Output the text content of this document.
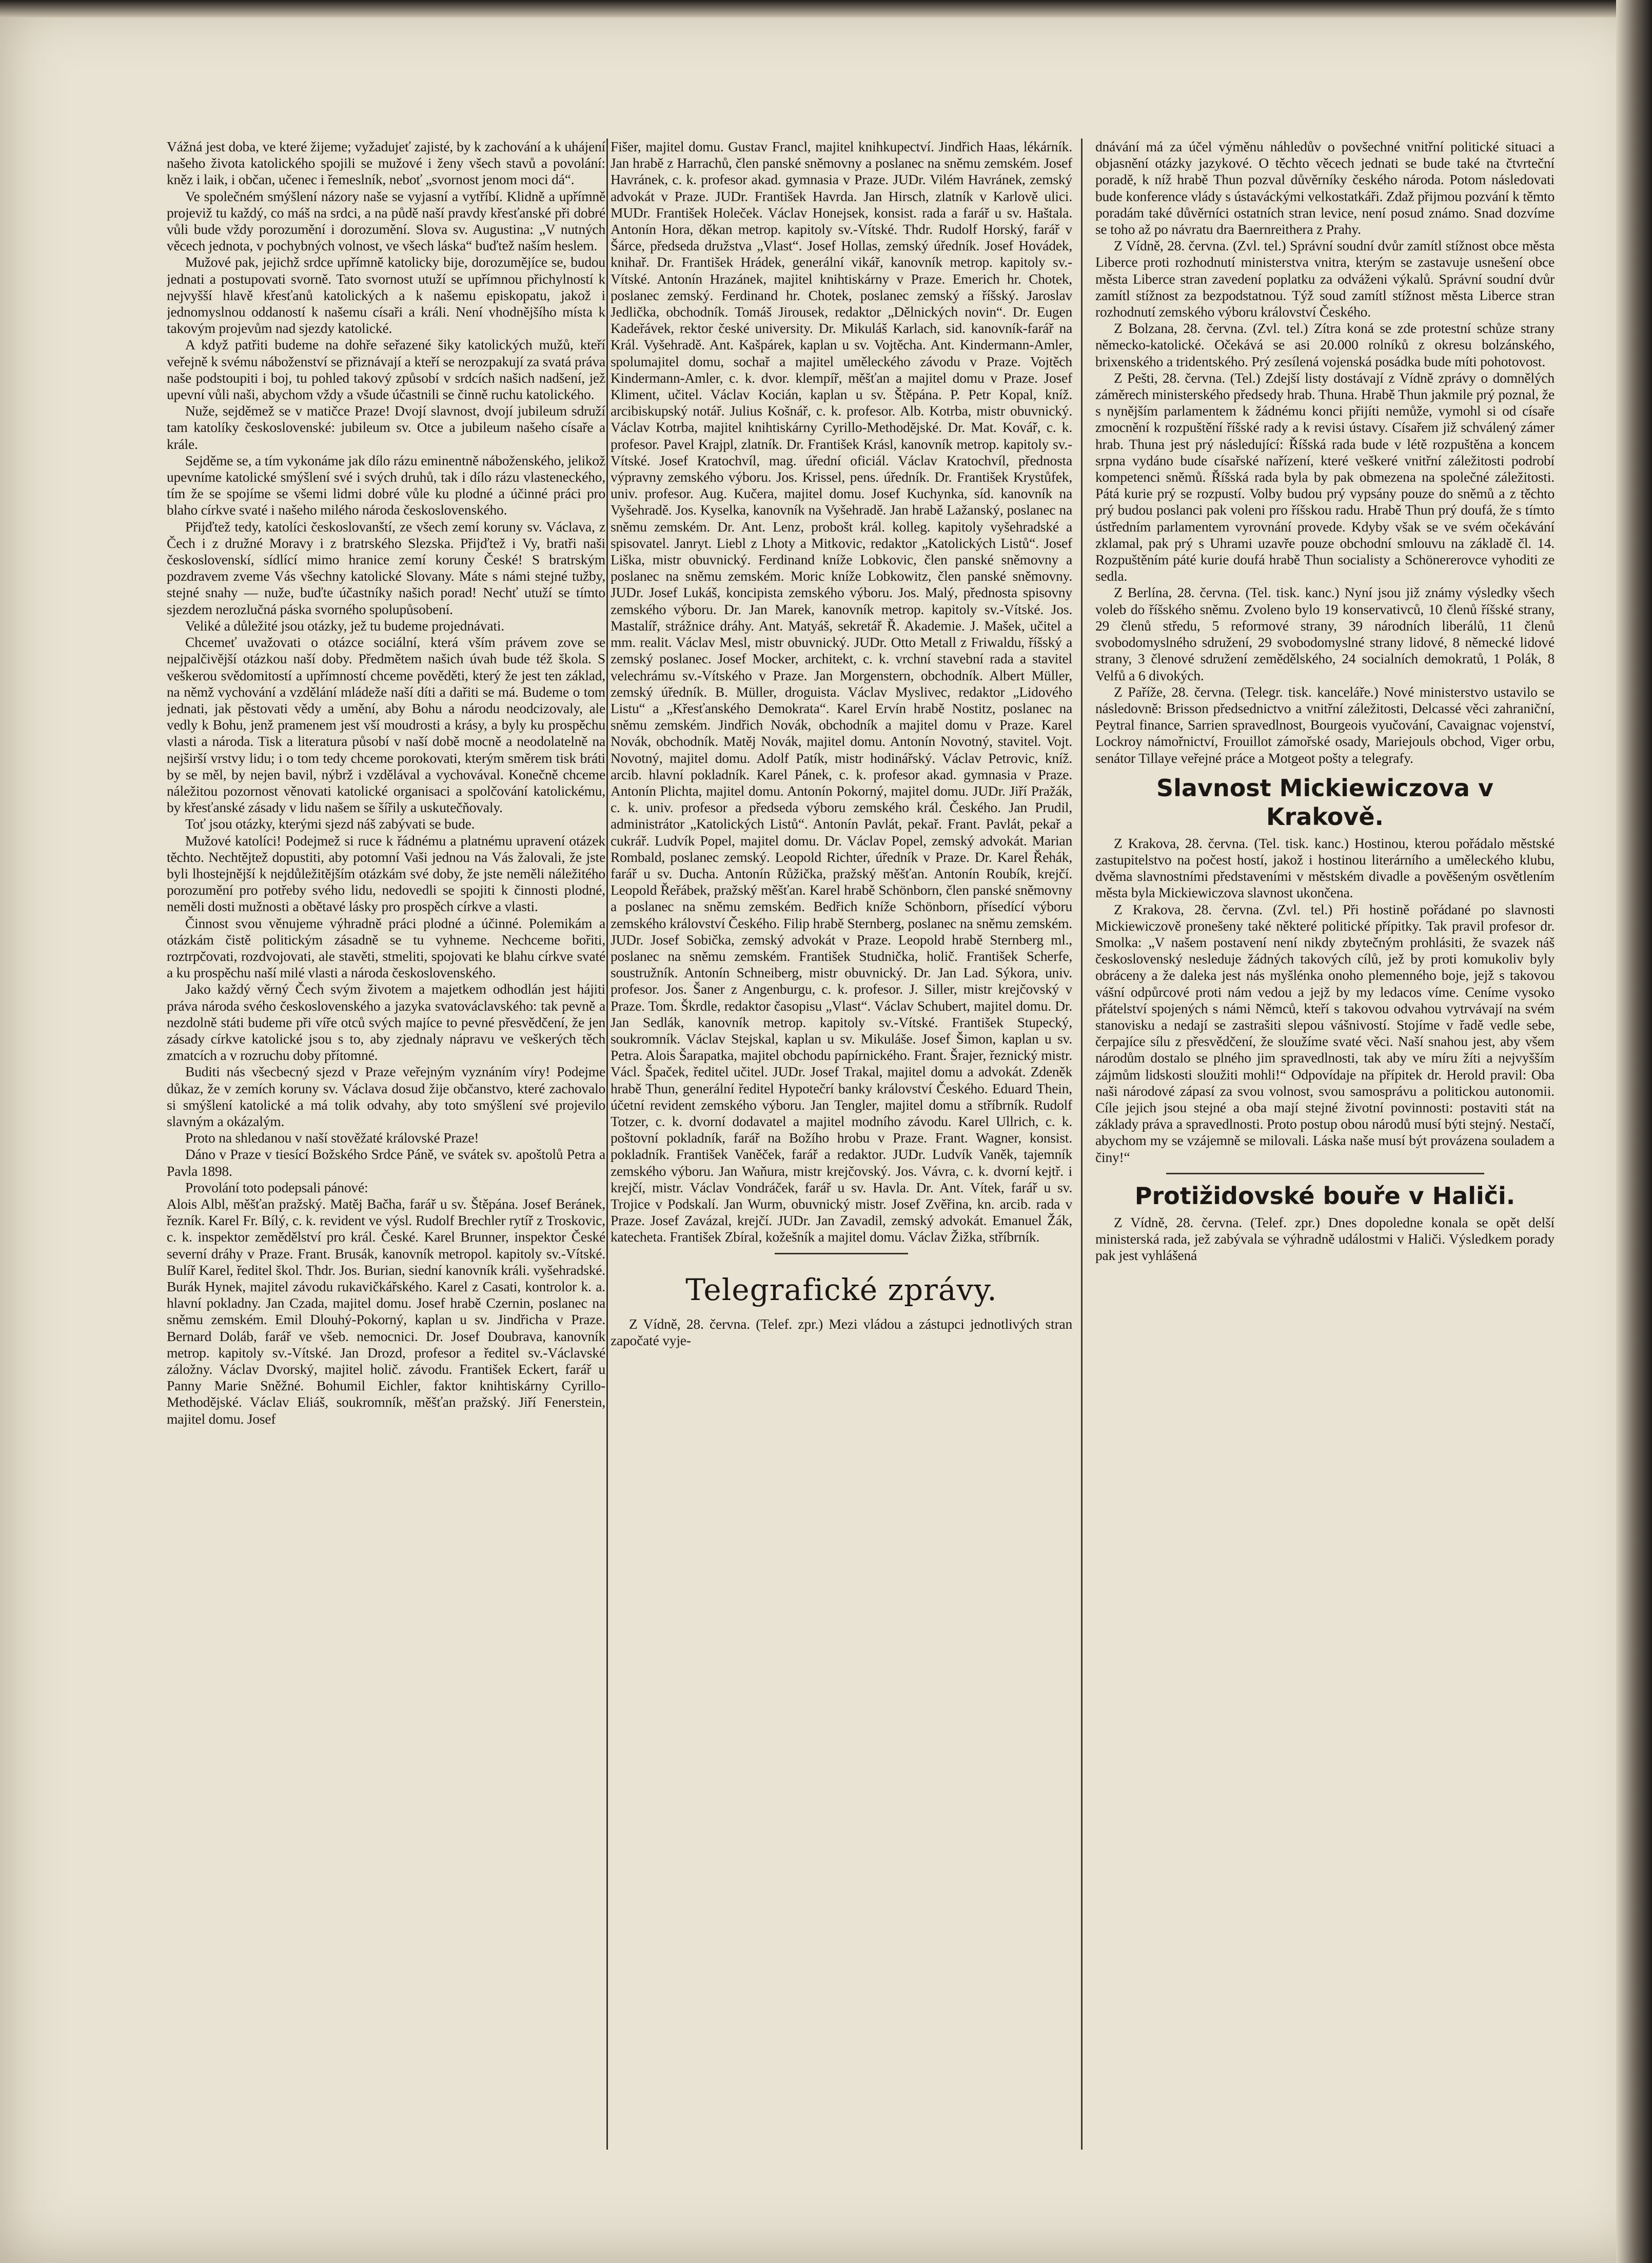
Vážná jest doba, ve které žijeme; vyžadujeť zajisté, by k zachování a k uhájení našeho života katolického spojili se mužové i ženy všech stavů a povolání: kněz i laik, i občan, učenec i řemeslník, neboť „svornost jenom moci dá“.

Ve společném smýšlení názory naše se vyjasní a vytříbí. Klidně a upřímně projeviž tu každý, co máš na srdci, a na půdě naší pravdy křesťanské při dobré vůli bude vždy porozumění i dorozumění. Slova sv. Augustina: „V nutných věcech jednota, v pochybných volnost, ve všech láska“ buďtež naším heslem.

Mužové pak, jejichž srdce upřímně katolicky bije, dorozumějíce se, budou jednati a postupovati svorně. Tato svornost utuží se upřímnou přichylností k nejvyšší hlavě křesťanů katolických a k našemu episkopatu, jakož i jednomyslnou oddaností k našemu císaři a králi. Není vhodnějšího místa k takovým projevům nad sjezdy katolické.

A když patřiti budeme na dohře seřazené šiky katolických mužů, kteří veřejně k svému náboženství se přiznávají a kteří se nerozpakují za svatá práva naše podstoupiti i boj, tu pohled takový způsobí v srdcích našich nadšení, jež upevní vůli naši, abychom vždy a všude účastnili se činně ruchu katolického.

Nuže, sejděmež se v matičce Praze! Dvojí slavnost, dvojí jubileum sdruží tam katolíky československé: jubileum sv. Otce a jubileum našeho císaře a krále.

Sejděme se, a tím vykonáme jak dílo rázu eminentně náboženského, jelikož upevníme katolické smýšlení své i svých druhů, tak i dílo rázu vlasteneckého, tím že se spojíme se všemi lidmi dobré vůle ku plodné a účinné práci pro blaho církve svaté i našeho milého národa československého.

Přijďtež tedy, katolíci českoslovanští, ze všech zemí koruny sv. Václava, z Čech i z družné Moravy i z bratrského Slezska. Přijďtež i Vy, bratři naši československí, sídlící mimo hranice zemí koruny České! S bratrským pozdravem zveme Vás všechny katolické Slovany. Máte s námi stejné tužby, stejné snahy — nuže, buďte účastníky našich porad! Nechť utuží se tímto sjezdem nerozlučná páska svorného spolupůsobení.

Veliké a důležité jsou otázky, jež tu budeme projednávati.

Chcemeť uvažovati o otázce sociální, která vším právem zove se nejpalčivější otázkou naší doby. Předmětem našich úvah bude též škola. S veškerou svědomitostí a upřímností chceme pověděti, který že jest ten základ, na němž vychování a vzdělání mládeže naší díti a dařiti se má. Budeme o tom jednati, jak pěstovati vědy a umění, aby Bohu a národu neodcizovaly, ale vedly k Bohu, jenž pramenem jest vší moudrosti a krásy, a byly ku prospěchu vlasti a národa. Tisk a literatura působí v naší době mocně a neodolatelně na nejširší vrstvy lidu; i o tom tedy chceme porokovati, kterým směrem tisk bráti by se měl, by nejen bavil, nýbrž i vzdělával a vychovával. Konečně chceme náležitou pozornost věnovati katolické organisaci a spolčování katolickému, by křesťanské zásady v lidu našem se šířily a uskutečňovaly.

Toť jsou otázky, kterými sjezd náš zabývati se bude.

Mužové katolíci! Podejmež si ruce k řádnému a platnému upravení otázek těchto. Nechtějtež dopustiti, aby potomní Vaši jednou na Vás žalovali, že jste byli lhostejnější k nejdůležitějším otázkám své doby, že jste neměli náležitého porozumění pro potřeby svého lidu, nedovedli se spojiti k činnosti plodné, neměli dosti mužnosti a obětavé lásky pro prospěch církve a vlasti.

Činnost svou věnujeme výhradně práci plodné a účinné. Polemikám a otázkám čistě politickým zásadně se tu vyhneme. Nechceme bořiti, roztrpčovati, rozdvojovati, ale stavěti, stmeliti, spojovati ke blahu církve svaté a ku prospěchu naší milé vlasti a národa československého.

Jako každý věrný Čech svým životem a majetkem odhodlán jest hájiti práva národa svého československého a jazyka svatováclavského: tak pevně a nezdolně státi budeme při víře otců svých majíce to pevné přesvědčení, že jen zásady církve katolické jsou s to, aby zjednaly nápravu ve veškerých těch zmatcích a v rozruchu doby přítomné.

Buditi nás všecbecný sjezd v Praze veřejným vyznáním víry! Podejme důkaz, že v zemích koruny sv. Václava dosud žije občanstvo, které zachovalo si smýšlení katolické a má tolik odvahy, aby toto smýšlení své projevilo slavným a okázalým.

Proto na shledanou v naší stověžaté královské Praze!

Dáno v Praze v tiesící Božského Srdce Páně, ve svátek sv. apoštolů Petra a Pavla 1898.

Provolání toto podepsali pánové:

Alois Albl, měšťan pražský. Matěj Bačha, farář u sv. Štěpána. Josef Beránek, řezník. Karel Fr. Bílý, c. k. revident ve výsl. Rudolf Brechler rytíř z Troskovic, c. k. inspektor zemědělství pro král. České. Karel Brunner, inspektor České severní dráhy v Praze. Frant. Brusák, kanovník metropol. kapitoly sv.-Vítské. Bulíř Karel, ředitel škol. Thdr. Jos. Burian, siední kanovník králi. vyšehradské. Burák Hynek, majitel závodu rukavičkářského. Karel z Casati, kontrolor k. a. hlavní pokladny. Jan Czada, majitel domu. Josef hrabě Czernin, poslanec na sněmu zemském. Emil Dlouhý-Pokorný, kaplan u sv. Jindřicha v Praze. Bernard Doláb, farář ve všeb. nemocnici. Dr. Josef Doubrava, kanovník metrop. kapitoly sv.-Vítské. Jan Drozd, profesor a ředitel sv.-Václavské záložny. Václav Dvorský, majitel holič. závodu. František Eckert, farář u Panny Marie Sněžné. Bohumil Eichler, faktor knihtiskárny Cyrillo-Methodějské. Václav Eliáš, soukromník, měšťan pražský. Jiří Fenerstein, majitel domu. Josef

Fišer, majitel domu. Gustav Francl, majitel knihkupectví. Jindřich Haas, lékárník. Jan hrabě z Harrachů, člen panské sněmovny a poslanec na sněmu zemském. Josef Havránek, c. k. profesor akad. gymnasia v Praze. JUDr. Vilém Havránek, zemský advokát v Praze. JUDr. František Havrda. Jan Hirsch, zlatník v Karlově ulici. MUDr. František Holeček. Václav Honejsek, konsist. rada a farář u sv. Haštala. Antonín Hora, děkan metrop. kapitoly sv.-Vítské. Thdr. Rudolf Horský, farář v Šárce, předseda družstva „Vlast“. Josef Hollas, zemský úředník. Josef Hovádek, knihař. Dr. František Hrádek, generální vikář, kanovník metrop. kapitoly sv.-Vítské. Antonín Hrazánek, majitel knihtiskárny v Praze. Emerich hr. Chotek, poslanec zemský. Ferdinand hr. Chotek, poslanec zemský a říšský. Jaroslav Jedlička, obchodník. Tomáš Jirousek, redaktor „Dělnických novin“. Dr. Eugen Kadeřávek, rektor české university. Dr. Mikuláš Karlach, sid. kanovník-farář na Král. Vyšehradě. Ant. Kašpárek, kaplan u sv. Vojtěcha. Ant. Kindermann-Amler, spolumajitel domu, sochař a majitel uměleckého závodu v Praze. Vojtěch Kindermann-Amler, c. k. dvor. klempíř, měšťan a majitel domu v Praze. Josef Kliment, učitel. Václav Kocián, kaplan u sv. Štěpána. P. Petr Kopal, kníž. arcibiskupský notář. Julius Košnář, c. k. profesor. Alb. Kotrba, mistr obuvnický. Václav Kotrba, majitel knihtiskárny Cyrillo-Methodějské. Dr. Mat. Kovář, c. k. profesor. Pavel Krajpl, zlatník. Dr. František Krásl, kanovník metrop. kapitoly sv.-Vítské. Josef Kratochvíl, mag. úřední oficiál. Václav Kratochvíl, přednosta výpravny zemského výboru. Jos. Krissel, pens. úředník. Dr. František Krystůfek, univ. profesor. Aug. Kučera, majitel domu. Josef Kuchynka, síd. kanovník na Vyšehradě. Jos. Kyselka, kanovník na Vyšehradě. Jan hrabě Lažanský, poslanec na sněmu zemském. Dr. Ant. Lenz, probošt král. kolleg. kapitoly vyšehradské a spisovatel. Janryt. Liebl z Lhoty a Mitkovic, redaktor „Katolických Listů“. Josef Liška, mistr obuvnický. Ferdinand kníže Lobkovic, člen panské sněmovny a poslanec na sněmu zemském. Moric kníže Lobkowitz, člen panské sněmovny. JUDr. Josef Lukáš, koncipista zemského výboru. Jos. Malý, přednosta spisovny zemského výboru. Dr. Jan Marek, kanovník metrop. kapitoly sv.-Vítské. Jos. Mastalíř, strážnice dráhy. Ant. Matyáš, sekretář Ř. Akademie. J. Mašek, učitel a mm. realit. Václav Mesl, mistr obuvnický. JUDr. Otto Metall z Friwaldu, říšský a zemský poslanec. Josef Mocker, architekt, c. k. vrchní stavební rada a stavitel velechrámu sv.-Vítského v Praze. Jan Morgenstern, obchodník. Albert Müller, zemský úředník. B. Müller, droguista. Václav Myslivec, redaktor „Lidového Listu“ a „Křesťanského Demokrata“. Karel Ervín hrabě Nostitz, poslanec na sněmu zemském. Jindřich Novák, obchodník a majitel domu v Praze. Karel Novák, obchodník. Matěj Novák, majitel domu. Antonín Novotný, stavitel. Vojt. Novotný, majitel domu. Adolf Patík, mistr hodinářský. Václav Petrovic, kníž. arcib. hlavní pokladník. Karel Pánek, c. k. profesor akad. gymnasia v Praze. Antonín Plichta, majitel domu. Antonín Pokorný, majitel domu. JUDr. Jiří Pražák, c. k. univ. profesor a předseda výboru zemského král. Českého. Jan Prudil, administrátor „Katolických Listů“. Antonín Pavlát, pekař. Frant. Pavlát, pekař a cukrář. Ludvík Popel, majitel domu. Dr. Václav Popel, zemský advokát. Marian Rombald, poslanec zemský. Leopold Richter, úředník v Praze. Dr. Karel Řehák, farář u sv. Ducha. Antonín Růžička, pražský měšťan. Antonín Roubík, krejčí. Leopold Řeřábek, pražský měšťan. Karel hrabě Schönborn, člen panské sněmovny a poslanec na sněmu zemském. Bedřich kníže Schönborn, přísedící výboru zemského království Českého. Filip hrabě Sternberg, poslanec na sněmu zemském. JUDr. Josef Sobička, zemský advokát v Praze. Leopold hrabě Sternberg ml., poslanec na sněmu zemském. František Studnička, holič. František Scherfe, soustružník. Antonín Schneiberg, mistr obuvnický. Dr. Jan Lad. Sýkora, univ. profesor. Jos. Šaner z Angenburgu, c. k. profesor. J. Siller, mistr krejčovský v Praze. Tom. Škrdle, redaktor časopisu „Vlast“. Václav Schubert, majitel domu. Dr. Jan Sedlák, kanovník metrop. kapitoly sv.-Vítské. František Stupecký, soukromník. Václav Stejskal, kaplan u sv. Mikuláše. Josef Šimon, kaplan u sv. Petra. Alois Šarapatka, majitel obchodu papírnického. Frant. Šrajer, řeznický mistr. Václ. Špaček, ředitel učitel. JUDr. Josef Trakal, majitel domu a advokát. Zdeněk hrabě Thun, generální ředitel Hypotečrí banky království Českého. Eduard Thein, účetní revident zemského výboru. Jan Tengler, majitel domu a stříbrník. Rudolf Totzer, c. k. dvorní dodavatel a majitel modního závodu. Karel Ullrich, c. k. poštovní pokladník, farář na Božího hrobu v Praze. Frant. Wagner, konsist. pokladník. František Vaněček, farář a redaktor. JUDr. Ludvík Vaněk, tajemník zemského výboru. Jan Waňura, mistr krejčovský. Jos. Vávra, c. k. dvorní kejtř. i krejčí, mistr. Václav Vondráček, farář u sv. Havla. Dr. Ant. Vítek, farář u sv. Trojice v Podskalí. Jan Wurm, obuvnický mistr. Josef Zvěřina, kn. arcib. rada v Praze. Josef Zavázal, krejčí. JUDr. Jan Zavadil, zemský advokát. Emanuel Žák, katecheta. František Zbíral, kožešník a majitel domu. Václav Žižka, stříbrník.

Telegrafické zprávy.

Z Vídně, 28. června. (Telef. zpr.) Mezi vládou a zástupci jednotlivých stran započaté vyje-

dnávání má za účel výměnu náhledův o povšechné vnitřní politické situaci a objasnění otázky jazykové. O těchto věcech jednati se bude také na čtvrteční poradě, k níž hrabě Thun pozval důvěrníky českého národa. Potom následovati bude konference vlády s ústaváckými velkostatkáři. Zdaž přijmou pozvání k těmto poradám také důvěrníci ostatních stran levice, není posud známo. Snad dozvíme se toho až po návratu dra Baernreithera z Prahy.

Z Vídně, 28. června. (Zvl. tel.) Správní soudní dvůr zamítl stížnost obce města Liberce proti rozhodnutí ministerstva vnitra, kterým se zastavuje usnešení obce města Liberce stran zavedení poplatku za odváženi výkalů. Správní soudní dvůr zamítl stížnost za bezpodstatnou. Týž soud zamítl stížnost města Liberce stran rozhodnutí zemského výboru království Českého.

Z Bolzana, 28. června. (Zvl. tel.) Zítra koná se zde protestní schůze strany německo-katolické. Očekává se asi 20.000 rolníků z okresu bolzánského, brixenského a tridentského. Prý zesílená vojenská posádka bude míti pohotovost.

Z Pešti, 28. června. (Tel.) Zdejší listy dostávají z Vídně zprávy o domnělých záměrech ministerského předsedy hrab. Thuna. Hrabě Thun jakmile prý poznal, že s nynějším parlamentem k žádnému konci přijíti nemůže, vymohl si od císaře zmocnění k rozpuštění říšské rady a k revisi ústavy. Císařem již schválený zámer hrab. Thuna jest prý následující: Říšská rada bude v létě rozpuštěna a koncem srpna vydáno bude císařské nařízení, které veškeré vnitřní záležitosti podrobí kompetenci sněmů. Říšská rada byla by pak obmezena na společné záležitosti. Pátá kurie prý se rozpustí. Volby budou prý vypsány pouze do sněmů a z těchto prý budou poslanci pak voleni pro říšskou radu. Hrabě Thun prý doufá, že s tímto ústředním parlamentem vyrovnání provede. Kdyby však se ve svém očekávání zklamal, pak prý s Uhrami uzavře pouze obchodní smlouvu na základě čl. 14. Rozpuštěním páté kurie doufá hrabě Thun socialisty a Schönererovce vyhoditi ze sedla.

Z Berlína, 28. června. (Tel. tisk. kanc.) Nyní jsou již známy výsledky všech voleb do říšského sněmu. Zvoleno bylo 19 konservativců, 10 členů říšské strany, 29 členů středu, 5 reformové strany, 39 národních liberálů, 11 členů svobodomyslného sdružení, 29 svobodomyslné strany lidové, 8 německé lidové strany, 3 členové sdružení zemědělského, 24 socialních demokratů, 1 Polák, 8 Velfů a 6 divokých.

Z Paříže, 28. června. (Telegr. tisk. kanceláře.) Nové ministerstvo ustavilo se následovně: Brisson předsednictvo a vnitřní záležitosti, Delcassé věci zahraniční, Peytral finance, Sarrien spravedlnost, Bourgeois vyučování, Cavaignac vojenství, Lockroy námořnictví, Frouillot zámořské osady, Mariejouls obchod, Viger orbu, senátor Tillaye veřejné práce a Motgeot pošty a telegrafy.

Slavnost Mickiewiczova v Krakově.

Z Krakova, 28. června. (Tel. tisk. kanc.) Hostinou, kterou pořádalo městské zastupitelstvo na počest hostí, jakož i hostinou literárního a uměleckého klubu, dvěma slavnostními představeními v městském divadle a pověšeným osvětlením města byla Mickiewiczova slavnost ukončena.

Z Krakova, 28. června. (Zvl. tel.) Při hostině pořádané po slavnosti Mickiewiczově pronešeny také některé politické přípitky. Tak pravil profesor dr. Smolka: „V našem postavení není nikdy zbytečným prohlásiti, že svazek náš československý nesleduje žádných takových cílů, jež by proti komukoliv byly obráceny a že daleka jest nás myšlénka onoho plemenného boje, jejž s takovou vášní odpůrcové proti nám vedou a jejž by my ledacos víme. Ceníme vysoko přátelství spojených s námi Němců, kteří s takovou odvahou vytrvávají na svém stanovisku a nedají se zastrašiti slepou vášnivostí. Stojíme v řadě vedle sebe, čerpajíce sílu z přesvědčení, že sloužíme svaté věci. Naší snahou jest, aby všem národům dostalo se plného jim spravedlnosti, tak aby ve míru žíti a nejvyšším zájmům lidskosti sloužiti mohli!“ Odpovídaje na přípitek dr. Herold pravil: Oba naši národové zápasí za svou volnost, svou samosprávu a politickou autonomii. Cíle jejich jsou stejné a oba mají stejné životní povinnosti: postaviti stát na základy práva a spravedlnosti. Proto postup obou národů musí býti stejný. Nestačí, abychom my se vzájemně se milovali. Láska naše musí být provázena souladem a činy!“

Protižidovské bouře v Haliči.

Z Vídně, 28. června. (Telef. zpr.) Dnes dopoledne konala se opět delší ministerská rada, jež zabývala se výhradně událostmi v Haliči. Výsledkem porady pak jest vyhlášená
